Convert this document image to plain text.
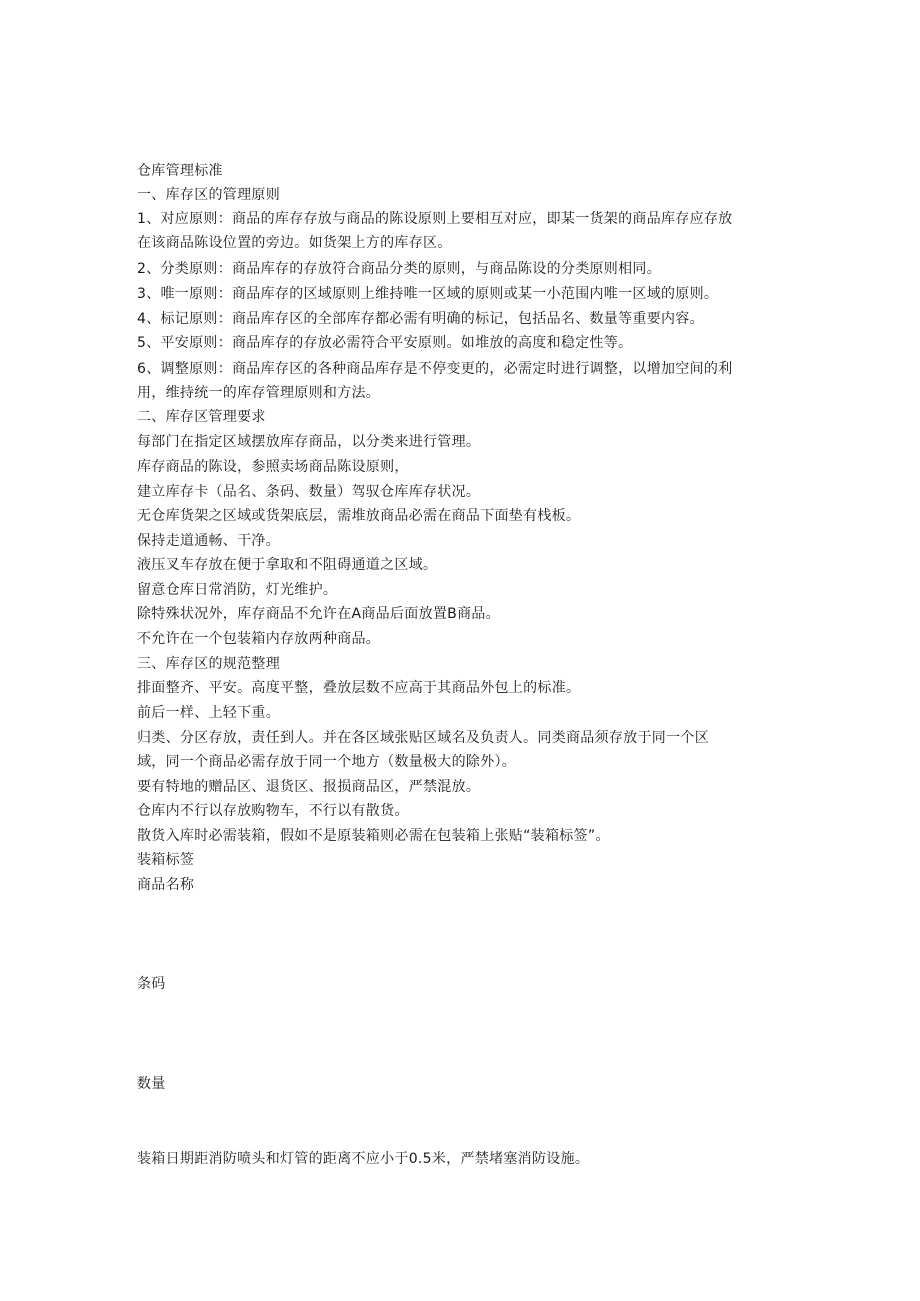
仓库管理标准
一、库存区的管理原则
1、对应原则：商品的库存存放与商品的陈设原则上要相互对应，即某一货架的商品库存应存放
在该商品陈设位置的旁边。如货架上方的库存区。
2、分类原则：商品库存的存放符合商品分类的原则，与商品陈设的分类原则相同。
3、唯一原则：商品库存的区域原则上维持唯一区域的原则或某一小范围内唯一区域的原则。
4、标记原则：商品库存区的全部库存都必需有明确的标记，包括品名、数量等重要内容。
5、平安原则：商品库存的存放必需符合平安原则。如堆放的高度和稳定性等。
6、调整原则：商品库存区的各种商品库存是不停变更的，必需定时进行调整，以增加空间的利
用，维持统一的库存管理原则和方法。
二、库存区管理要求
每部门在指定区域摆放库存商品，以分类来进行管理。
库存商品的陈设，参照卖场商品陈设原则，
建立库存卡（品名、条码、数量）驾驭仓库库存状况。
无仓库货架之区域或货架底层，需堆放商品必需在商品下面垫有栈板。
保持走道通畅、干净。
液压叉车存放在便于拿取和不阻碍通道之区域。
留意仓库日常消防，灯光维护。
除特殊状况外，库存商品不允许在A商品后面放置B商品。
不允许在一个包装箱内存放两种商品。
三、库存区的规范整理
排面整齐、平安。高度平整，叠放层数不应高于其商品外包上的标准。
前后一样、上轻下重。
归类、分区存放，责任到人。并在各区域张贴区域名及负责人。同类商品须存放于同一个区
域，同一个商品必需存放于同一个地方（数量极大的除外）。
要有特地的赠品区、退货区、报损商品区，严禁混放。
仓库内不行以存放购物车，不行以有散货。
散货入库时必需装箱，假如不是原装箱则必需在包装箱上张贴“装箱标签”。
装箱标签
商品名称
条码
数量
装箱日期距消防喷头和灯管的距离不应小于0.5米，严禁堵塞消防设施。
